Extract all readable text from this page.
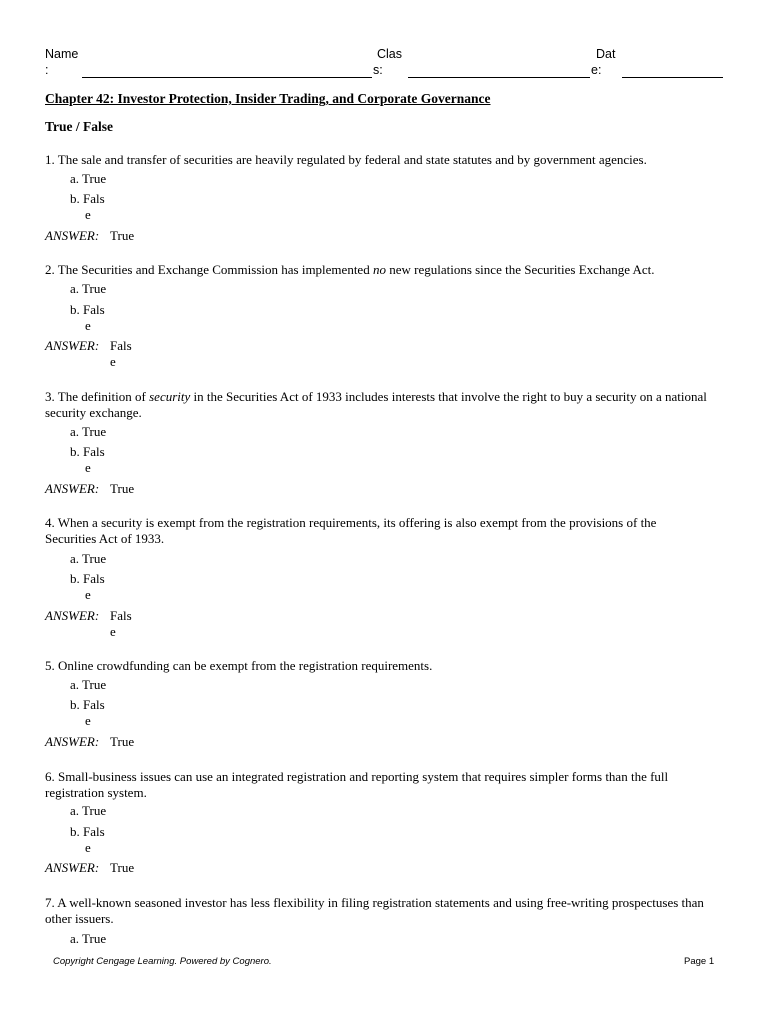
Name
:
Clas
s:
Dat
e:
Chapter 42: Investor Protection, Insider Trading, and Corporate Governance
True / False
1. The sale and transfer of securities are heavily regulated by federal and state statutes and by government agencies.
a. True
b. Fals
e
ANSWER: True
2. The Securities and Exchange Commission has implemented no new regulations since the Securities Exchange Act.
a. True
b. Fals
e
ANSWER: Fals
e
3. The definition of security in the Securities Act of 1933 includes interests that involve the right to buy a security on a national security exchange.
a. True
b. Fals
e
ANSWER: True
4. When a security is exempt from the registration requirements, its offering is also exempt from the provisions of the Securities Act of 1933.
a. True
b. Fals
e
ANSWER: Fals
e
5. Online crowdfunding can be exempt from the registration requirements.
a. True
b. Fals
e
ANSWER: True
6. Small-business issues can use an integrated registration and reporting system that requires simpler forms than the full registration system.
a. True
b. Fals
e
ANSWER: True
7. A well-known seasoned investor has less flexibility in filing registration statements and using free-writing prospectuses than other issuers.
a. True
Copyright Cengage Learning. Powered by Cognero.	Page 1
